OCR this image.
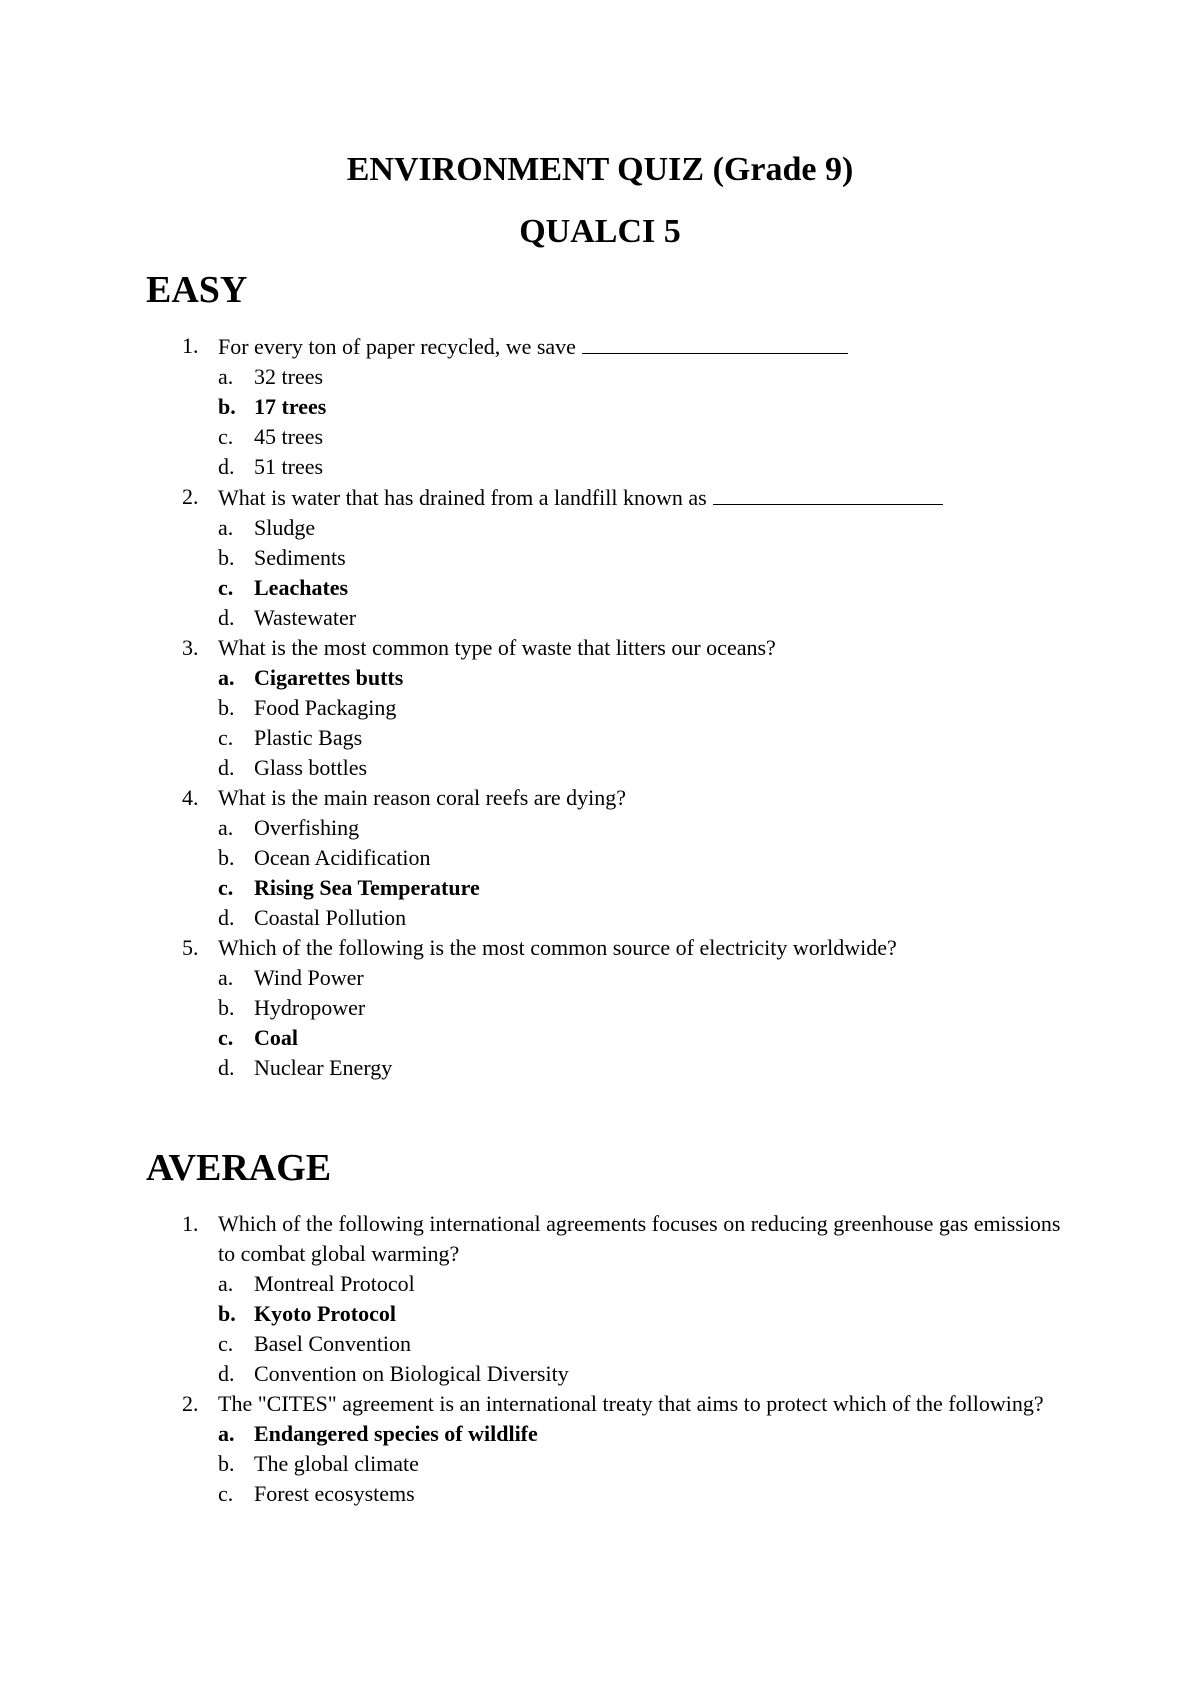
ENVIRONMENT QUIZ (Grade 9)
QUALCI 5
EASY
1. For every ton of paper recycled, we save
a. 32 trees
b. 17 trees
c. 45 trees
d. 51 trees
2. What is water that has drained from a landfill known as
a. Sludge
b. Sediments
c. Leachates
d. Wastewater
3. What is the most common type of waste that litters our oceans?
a. Cigarettes butts
b. Food Packaging
c. Plastic Bags
d. Glass bottles
4. What is the main reason coral reefs are dying?
a. Overfishing
b. Ocean Acidification
c. Rising Sea Temperature
d. Coastal Pollution
5. Which of the following is the most common source of electricity worldwide?
a. Wind Power
b. Hydropower
c. Coal
d. Nuclear Energy
AVERAGE
1. Which of the following international agreements focuses on reducing greenhouse gas emissions to combat global warming?
a. Montreal Protocol
b. Kyoto Protocol
c. Basel Convention
d. Convention on Biological Diversity
2. The "CITES" agreement is an international treaty that aims to protect which of the following?
a. Endangered species of wildlife
b. The global climate
c. Forest ecosystems
